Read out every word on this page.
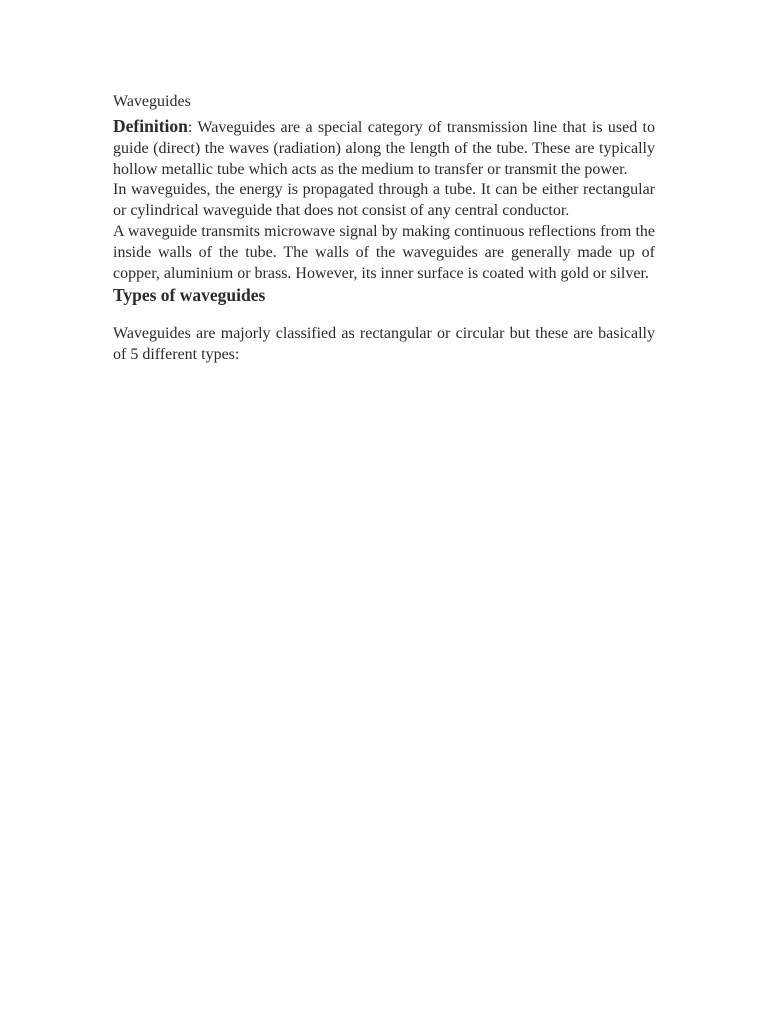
Waveguides

Definition: Waveguides are a special category of transmission line that is used to guide (direct) the waves (radiation) along the length of the tube. These are typically hollow metallic tube which acts as the medium to transfer or transmit the power.

In waveguides, the energy is propagated through a tube. It can be either rectangular or cylindrical waveguide that does not consist of any central conductor.

A waveguide transmits microwave signal by making continuous reflections from the inside walls of the tube. The walls of the waveguides are generally made up of copper, aluminium or brass. However, its inner surface is coated with gold or silver.

Types of waveguides

Waveguides are majorly classified as rectangular or circular but these are basically of 5 different types:
